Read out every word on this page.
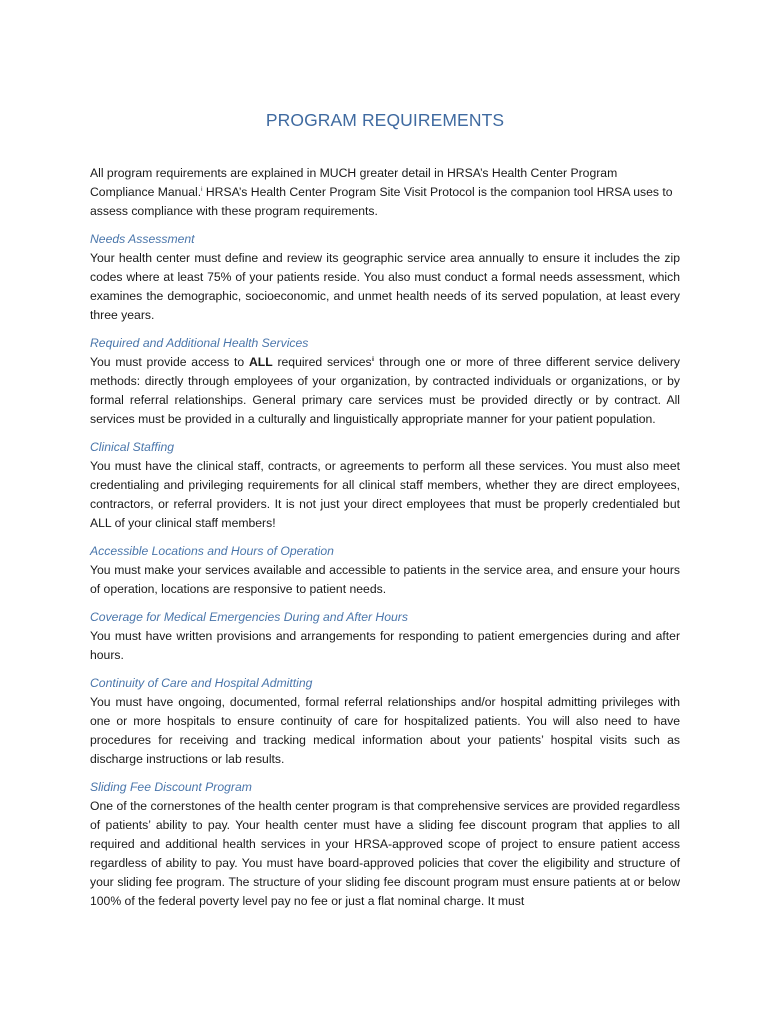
PROGRAM REQUIREMENTS

All program requirements are explained in MUCH greater detail in HRSA’s Health Center Program Compliance Manual.$^i$ HRSA’s Health Center Program Site Visit Protocol is the companion tool HRSA uses to assess compliance with these program requirements.

Needs Assessment

Your health center must define and review its geographic service area annually to ensure it includes the zip codes where at least 75% of your patients reside. You also must conduct a formal needs assessment, which examines the demographic, socioeconomic, and unmet health needs of its served population, at least every three years.

Required and Additional Health Services

You must provide access to ALL required services$^{ii}$ through one or more of three different service delivery methods: directly through employees of your organization, by contracted individuals or organizations, or by formal referral relationships. General primary care services must be provided directly or by contract. All services must be provided in a culturally and linguistically appropriate manner for your patient population.

Clinical Staffing

You must have the clinical staff, contracts, or agreements to perform all these services. You must also meet credentialing and privileging requirements for all clinical staff members, whether they are direct employees, contractors, or referral providers. It is not just your direct employees that must be properly credentialed but ALL of your clinical staff members!

Accessible Locations and Hours of Operation

You must make your services available and accessible to patients in the service area, and ensure your hours of operation, locations are responsive to patient needs.

Coverage for Medical Emergencies During and After Hours

You must have written provisions and arrangements for responding to patient emergencies during and after hours.

Continuity of Care and Hospital Admitting

You must have ongoing, documented, formal referral relationships and/or hospital admitting privileges with one or more hospitals to ensure continuity of care for hospitalized patients. You will also need to have procedures for receiving and tracking medical information about your patients’ hospital visits such as discharge instructions or lab results.

Sliding Fee Discount Program

One of the cornerstones of the health center program is that comprehensive services are provided regardless of patients’ ability to pay. Your health center must have a sliding fee discount program that applies to all required and additional health services in your HRSA-approved scope of project to ensure patient access regardless of ability to pay. You must have board-approved policies that cover the eligibility and structure of your sliding fee program. The structure of your sliding fee discount program must ensure patients at or below 100% of the federal poverty level pay no fee or just a flat nominal charge. It must
